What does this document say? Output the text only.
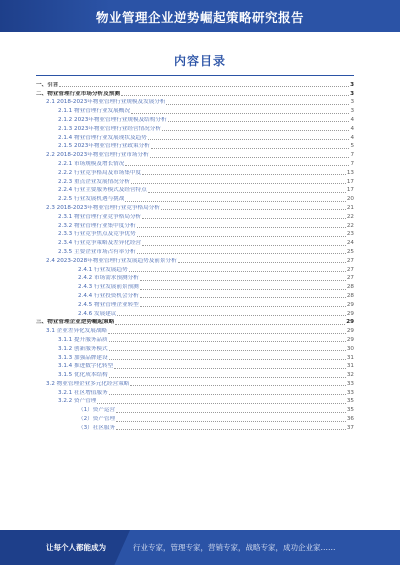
物业管理企业逆势崛起策略研究报告
内容目录
一、引言	3
二、物业管理行业市场分析及预测	3
2.1 2018-2023年物业管理行业规模及发展分析	3
2.1.1 物业管理行业发展概况	3
2.1.2 2023年物业管理行业规模及结构分析	4
2.1.3 2023年物业管理行业经营情况分析	4
2.1.4 物业管理行业发展现状及趋势	4
2.1.5 2023年物业管理行业政策分析	5
2.2 2018-2023年物业管理行业市场分析	7
2.2.1 市场规模及增长情况	7
2.2.2 行业竞争格局及市场集中度	13
2.2.3 重点企业发展情况分析	17
2.2.4 行业主要服务模式及经营特点	17
2.2.5 行业发展机遇与挑战	20
2.3 2018-2023年物业管理行业竞争格局分析	21
2.3.1 物业管理行业竞争格局分析	22
2.3.2 物业管理行业集中度分析	22
2.3.3 行业竞争焦点及竞争优势	23
2.3.4 行业竞争策略及差异化经营	24
2.3.5 主要企业市场占有率分析	25
2.4 2023-2028年物业管理行业发展趋势及前景分析	27
2.4.1 行业发展趋势	27
2.4.2 市场需求预测分析	27
2.4.3 行业发展前景预测	28
2.4.4 行业投资机会分析	28
2.4.5 物业管理企业转型	29
2.4.6 发展建议	29
三、物业管理企业逆势崛起策略	29
3.1 企业差异化发展战略	29
3.1.1 提升服务品质	29
3.1.2 创新服务模式	30
3.1.3 加强品牌建设	31
3.1.4 推进数字化转型	31
3.1.5 优化成本结构	32
3.2 物业管理企业多元化经营策略	33
3.2.1 社区增值服务	33
3.2.2 资产管理	35
（1）资产运营	35
（2）资产管理	36
（3）社区服务	37
让每个人都能成为	行业专家，管理专家，营销专家，战略专家，成功企业家……
